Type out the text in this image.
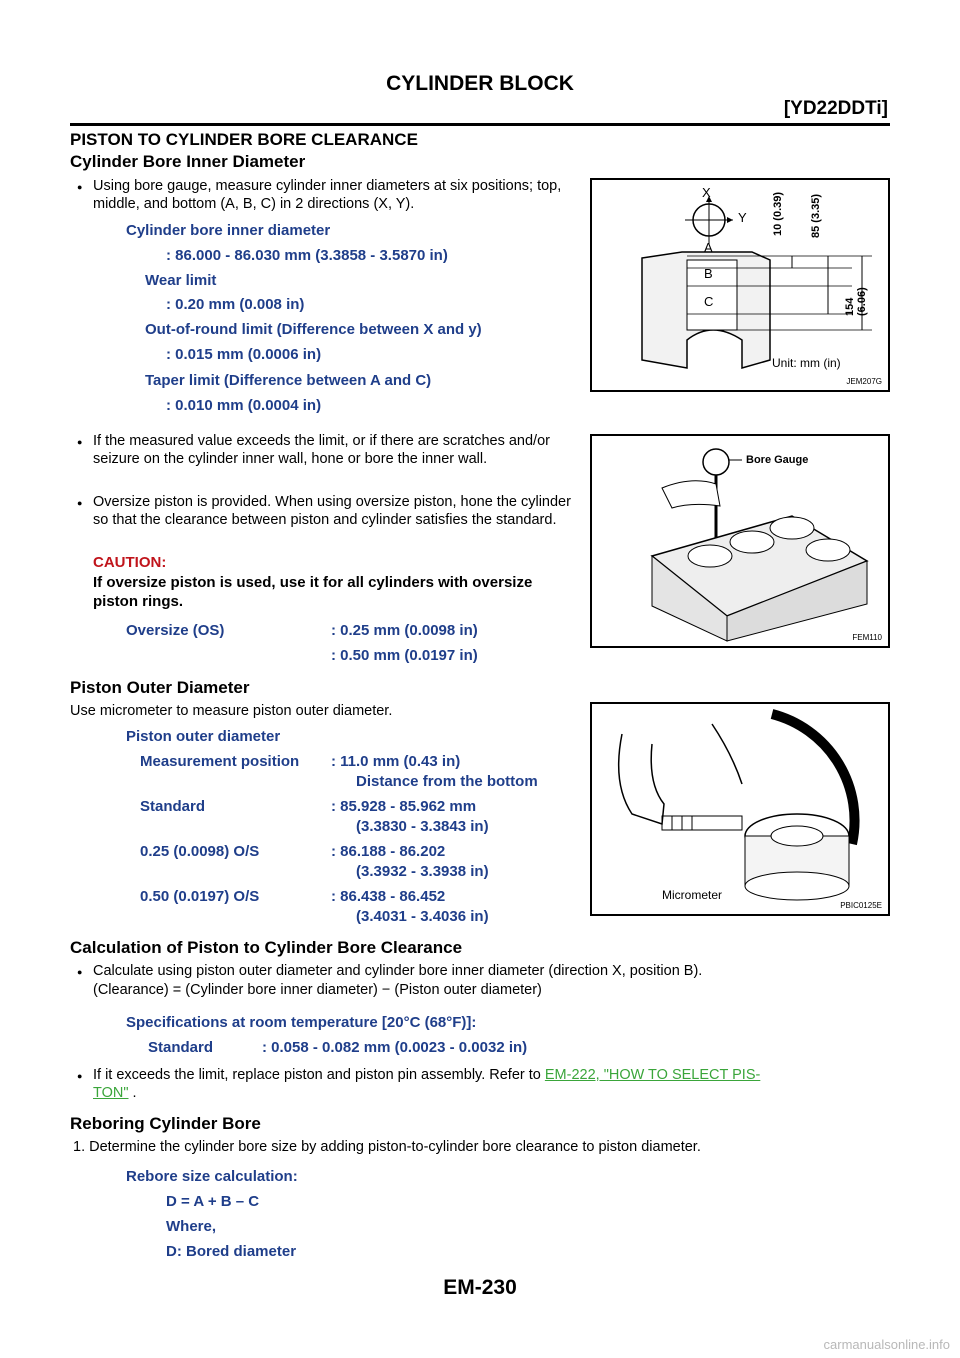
CYLINDER BLOCK
[YD22DDTi]
PISTON TO CYLINDER BORE CLEARANCE
Cylinder Bore Inner Diameter
● Using bore gauge, measure cylinder inner diameters at six positions; top, middle, and bottom (A, B, C) in 2 directions (X, Y).
Cylinder bore inner diameter
: 86.000 - 86.030 mm (3.3858 - 3.5870 in)
Wear limit
: 0.20 mm (0.008 in)
Out-of-round limit (Difference between X and y)
: 0.015 mm (0.0006 in)
Taper limit (Difference between A and C)
: 0.010 mm (0.0004 in)
X
Y
A
B
C
10 (0.39) 85 (3.35)
154 (6.06)
Unit: mm (in)
JEM207G
● If the measured value exceeds the limit, or if there are scratches and/or seizure on the cylinder inner wall, hone or bore the inner wall.
● Oversize piston is provided. When using oversize piston, hone the cylinder so that the clearance between piston and cylinder satisfies the standard.
CAUTION:
If oversize piston is used, use it for all cylinders with oversize piston rings.
Oversize (OS)	: 0.25 mm (0.0098 in)
: 0.50 mm (0.0197 in)
Bore Gauge
FEM110
Piston Outer Diameter
Use micrometer to measure piston outer diameter.
Piston outer diameter
Measurement position : 11.0 mm (0.43 in)
Distance from the bottom
Standard	: 85.928 - 85.962 mm
(3.3830 - 3.3843 in)
0.25 (0.0098) O/S	: 86.188 - 86.202
(3.3932 - 3.3938 in)
0.50 (0.0197) O/S	: 86.438 - 86.452
(3.4031 - 3.4036 in)
Micrometer
PBIC0125E
Calculation of Piston to Cylinder Bore Clearance
● Calculate using piston outer diameter and cylinder bore inner diameter (direction X, position B).
(Clearance) = (Cylinder bore inner diameter) − (Piston outer diameter)
Specifications at room temperature [20°C (68°F)]:
Standard	: 0.058 - 0.082 mm (0.0023 - 0.0032 in)
● If it exceeds the limit, replace piston and piston pin assembly. Refer to EM-222, "HOW TO SELECT PIS-
TON" .
Reboring Cylinder Bore
1. Determine the cylinder bore size by adding piston-to-cylinder bore clearance to piston diameter.
Rebore size calculation:
D = A + B – C
Where,
D: Bored diameter
EM-230
carmanualsonline.info
